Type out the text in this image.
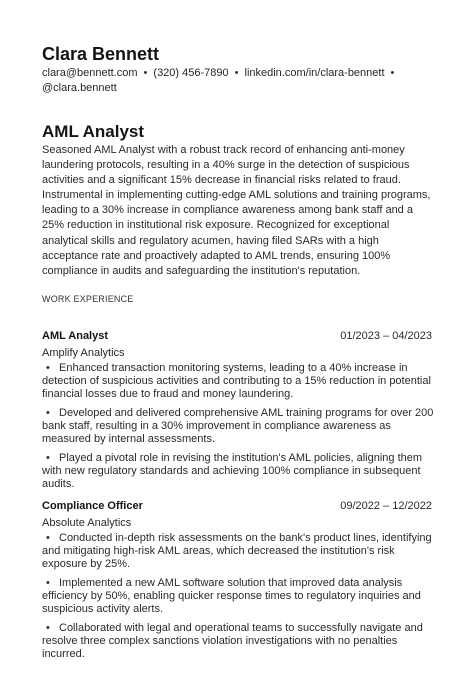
Clara Bennett
clara@bennett.com • (320) 456-7890 • linkedin.com/in/clara-bennett •
@clara.bennett
AML Analyst
Seasoned AML Analyst with a robust track record of enhancing anti-money laundering protocols, resulting in a 40% surge in the detection of suspicious activities and a significant 15% decrease in financial risks related to fraud. Instrumental in implementing cutting-edge AML solutions and training programs, leading to a 30% increase in compliance awareness among bank staff and a 25% reduction in institutional risk exposure. Recognized for exceptional analytical skills and regulatory acumen, having filed SARs with a high acceptance rate and proactively adapted to AML trends, ensuring 100% compliance in audits and safeguarding the institution's reputation.
WORK EXPERIENCE
AML Analyst	01/2023 – 04/2023
Amplify Analytics
• Enhanced transaction monitoring systems, leading to a 40% increase in detection of suspicious activities and contributing to a 15% reduction in potential financial losses due to fraud and money laundering.
• Developed and delivered comprehensive AML training programs for over 200 bank staff, resulting in a 30% improvement in compliance awareness as measured by internal assessments.
• Played a pivotal role in revising the institution's AML policies, aligning them with new regulatory standards and achieving 100% compliance in subsequent audits.
Compliance Officer	09/2022 – 12/2022
Absolute Analytics
• Conducted in-depth risk assessments on the bank's product lines, identifying and mitigating high-risk AML areas, which decreased the institution's risk exposure by 25%.
• Implemented a new AML software solution that improved data analysis efficiency by 50%, enabling quicker response times to regulatory inquiries and suspicious activity alerts.
• Collaborated with legal and operational teams to successfully navigate and resolve three complex sanctions violation investigations with no penalties incurred.
